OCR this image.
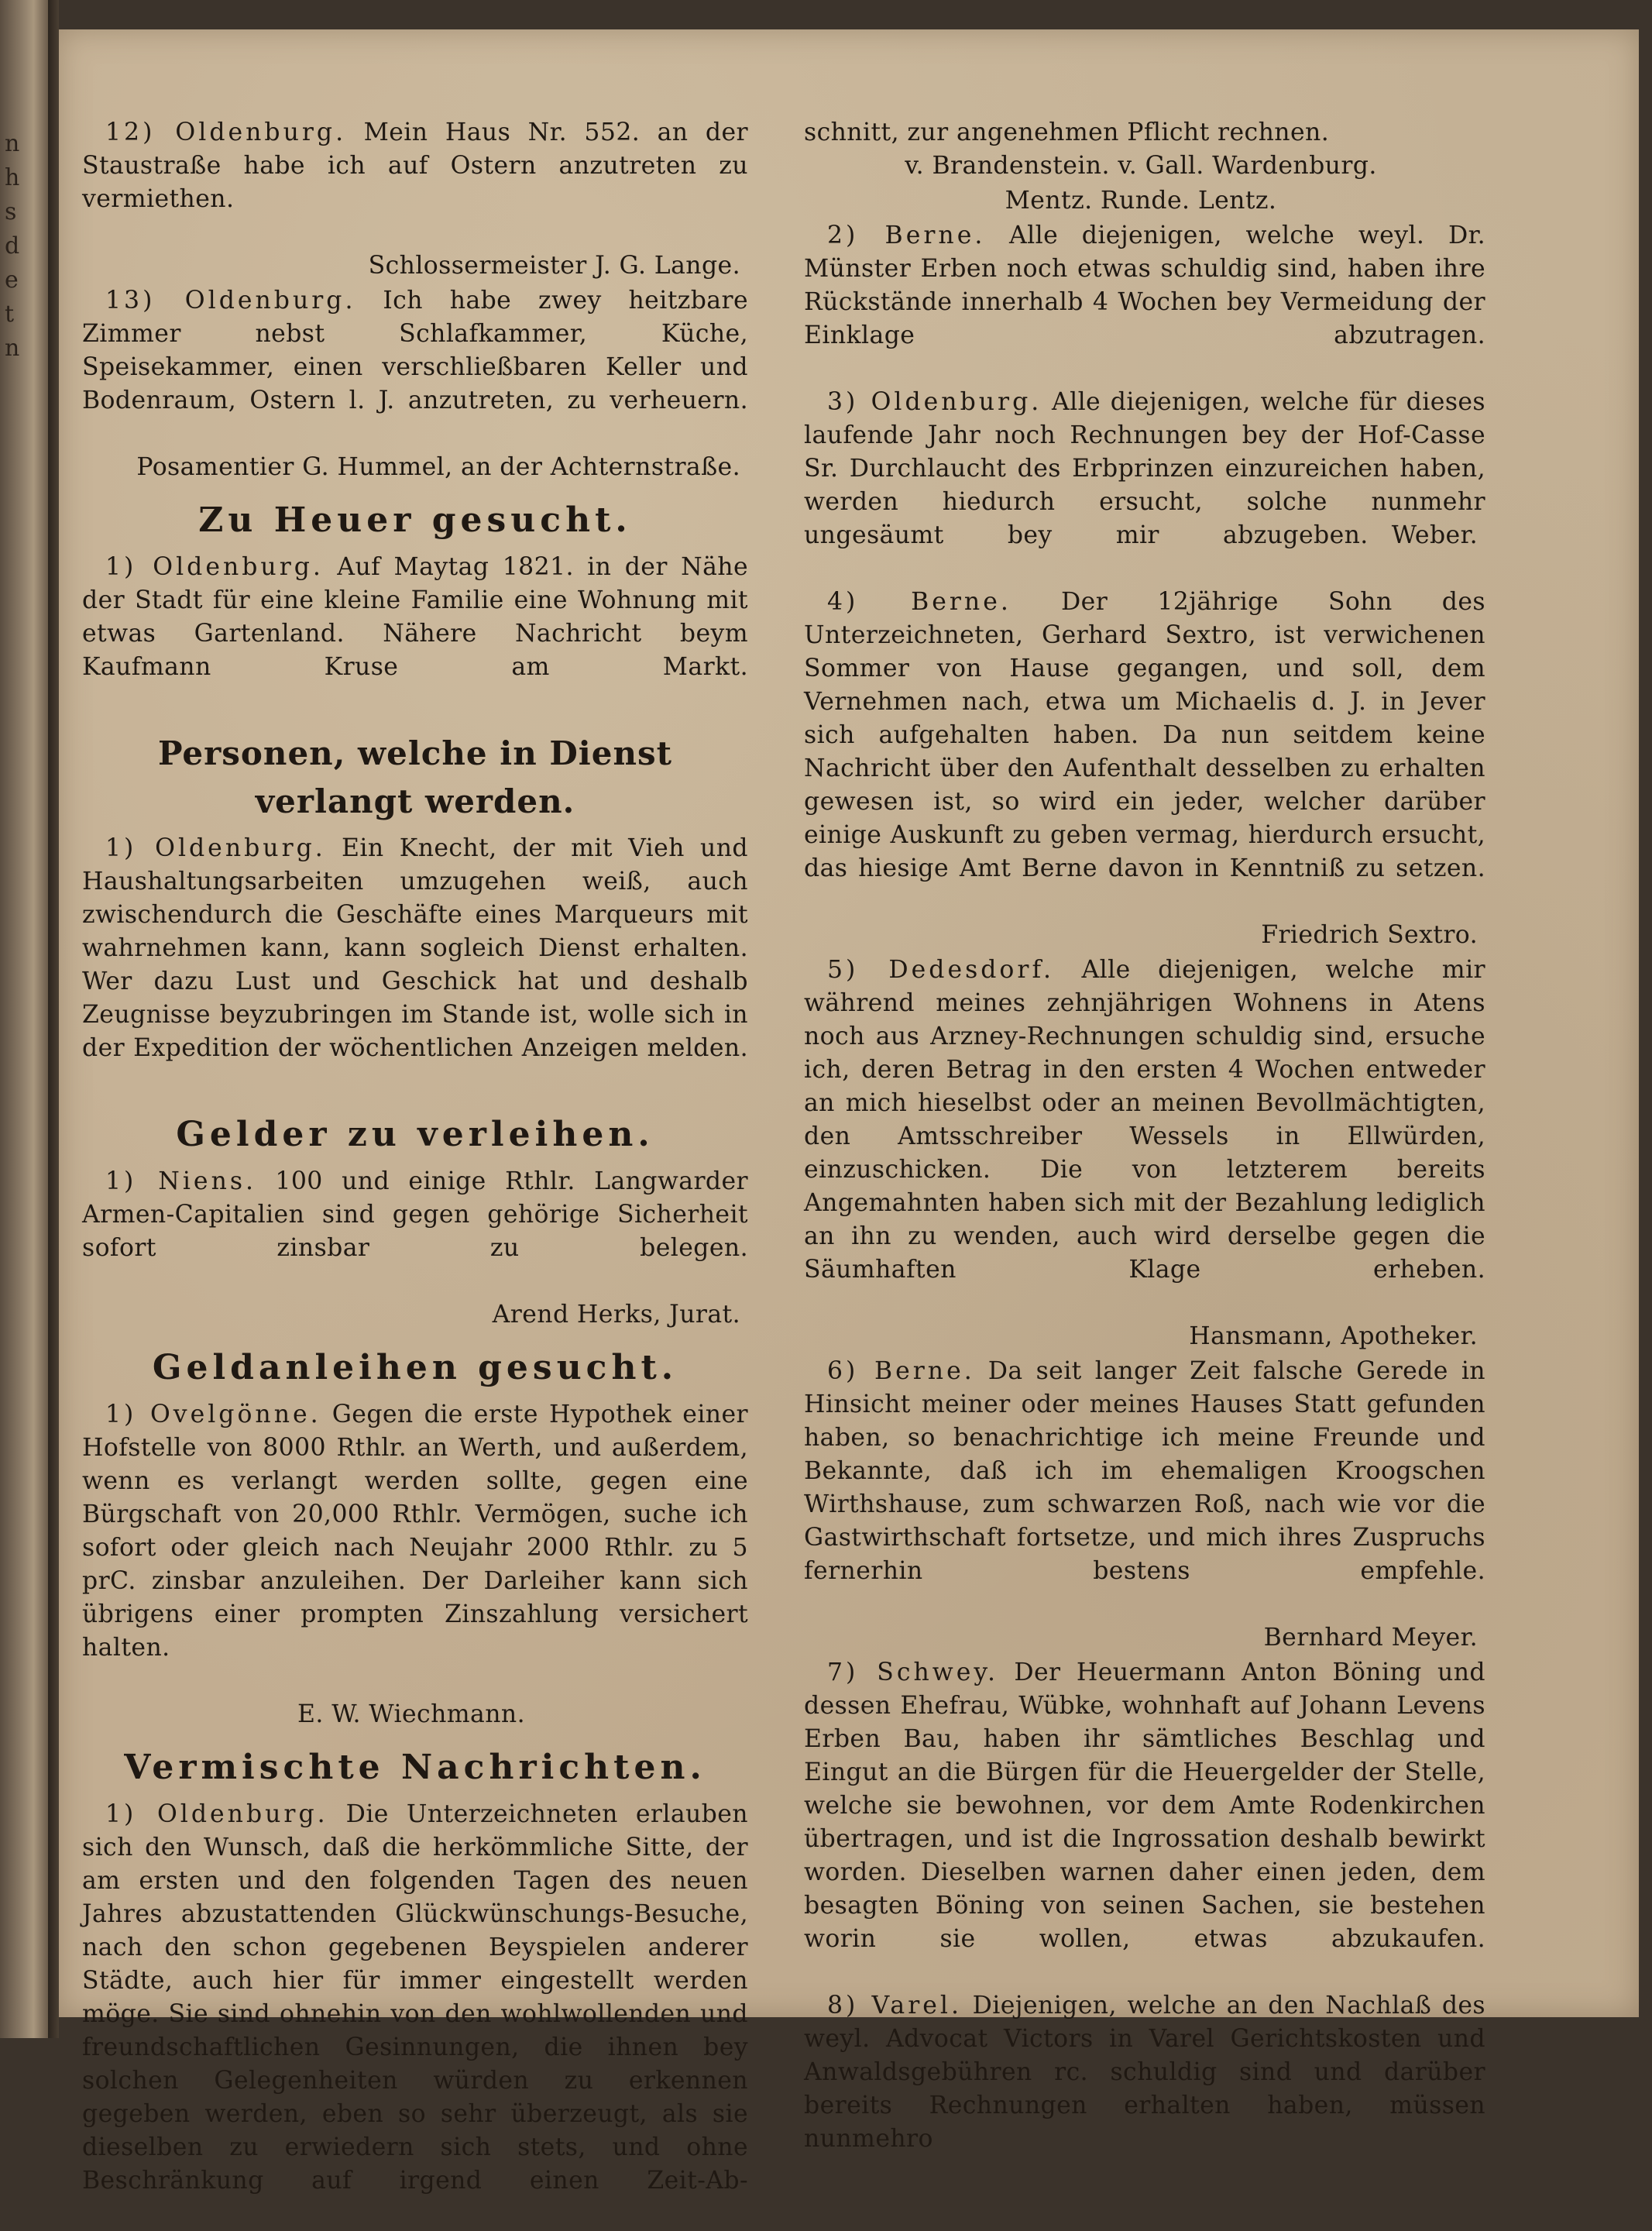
n
h
s
d
e
t
n

12) Oldenburg. Mein Haus Nr. 552. an der Staustraße habe ich auf Ostern anzutreten zu vermiethen.

Schlossermeister J. G. Lange.

13) Oldenburg. Ich habe zwey heitzbare Zimmer nebst Schlafkammer, Küche, Speisekammer, einen verschließbaren Keller und Bodenraum, Ostern l. J. anzutreten, zu verheuern.

Posamentier G. Hummel, an der Achternstraße.
Zu Heuer gesucht.

1) Oldenburg. Auf Maytag 1821. in der Nähe der Stadt für eine kleine Familie eine Wohnung mit etwas Gartenland. Nähere Nachricht beym Kaufmann Kruse am Markt.

Personen, welche in Dienst verlangt werden.

1) Oldenburg. Ein Knecht, der mit Vieh und Haushaltungsarbeiten umzugehen weiß, auch zwischendurch die Geschäfte eines Marqueurs mit wahrnehmen kann, kann sogleich Dienst erhalten. Wer dazu Lust und Geschick hat und deshalb Zeugnisse beyzubringen im Stande ist, wolle sich in der Expedition der wöchentlichen Anzeigen melden.

Gelder zu verleihen.

1) Niens. 100 und einige Rthlr. Langwarder Armen-Capitalien sind gegen gehörige Sicherheit sofort zinsbar zu belegen.

Arend Herks, Jurat.
Geldanleihen gesucht.

1) Ovelgönne. Gegen die erste Hypothek einer Hofstelle von 8000 Rthlr. an Werth, und außerdem, wenn es verlangt werden sollte, gegen eine Bürgschaft von 20,000 Rthlr. Vermögen, suche ich sofort oder gleich nach Neujahr 2000 Rthlr. zu 5 prC. zinsbar anzuleihen. Der Darleiher kann sich übrigens einer prompten Zinszahlung versichert halten.

E. W. Wiechmann.
Vermischte Nachrichten.

1) Oldenburg. Die Unterzeichneten erlauben sich den Wunsch, daß die herkömmliche Sitte, der am ersten und den folgenden Tagen des neuen Jahres abzustattenden Glückwünschungs-Besuche, nach den schon gegebenen Beyspielen anderer Städte, auch hier für immer eingestellt werden möge. Sie sind ohnehin von den wohlwollenden und freundschaftlichen Gesinnungen, die ihnen bey solchen Gelegenheiten würden zu erkennen gegeben werden, eben so sehr überzeugt, als sie dieselben zu erwiedern sich stets, und ohne Beschränkung auf irgend einen Zeit-Ab-

schnitt, zur angenehmen Pflicht rechnen.

v. Brandenstein. v. Gall. Wardenburg.
Mentz. Runde. Lentz.

2) Berne. Alle diejenigen, welche weyl. Dr. Münster Erben noch etwas schuldig sind, haben ihre Rückstände innerhalb 4 Wochen bey Vermeidung der Einklage abzutragen.

3) Oldenburg. Alle diejenigen, welche für dieses laufende Jahr noch Rechnungen bey der Hof-Casse Sr. Durchlaucht des Erbprinzen einzureichen haben, werden hiedurch ersucht, solche nunmehr ungesäumt bey mir abzugeben. Weber.

4) Berne. Der 12jährige Sohn des Unterzeichneten, Gerhard Sextro, ist verwichenen Sommer von Hause gegangen, und soll, dem Vernehmen nach, etwa um Michaelis d. J. in Jever sich aufgehalten haben. Da nun seitdem keine Nachricht über den Aufenthalt desselben zu erhalten gewesen ist, so wird ein jeder, welcher darüber einige Auskunft zu geben vermag, hierdurch ersucht, das hiesige Amt Berne davon in Kenntniß zu setzen.

Friedrich Sextro.

5) Dedesdorf. Alle diejenigen, welche mir während meines zehnjährigen Wohnens in Atens noch aus Arzney-Rechnungen schuldig sind, ersuche ich, deren Betrag in den ersten 4 Wochen entweder an mich hieselbst oder an meinen Bevollmächtigten, den Amtsschreiber Wessels in Ellwürden, einzuschicken. Die von letzterem bereits Angemahnten haben sich mit der Bezahlung lediglich an ihn zu wenden, auch wird derselbe gegen die Säumhaften Klage erheben.

Hansmann, Apotheker.

6) Berne. Da seit langer Zeit falsche Gerede in Hinsicht meiner oder meines Hauses Statt gefunden haben, so benachrichtige ich meine Freunde und Bekannte, daß ich im ehemaligen Kroogschen Wirthshause, zum schwarzen Roß, nach wie vor die Gastwirthschaft fortsetze, und mich ihres Zuspruchs fernerhin bestens empfehle.

Bernhard Meyer.

7) Schwey. Der Heuermann Anton Böning und dessen Ehefrau, Wübke, wohnhaft auf Johann Levens Erben Bau, haben ihr sämtliches Beschlag und Eingut an die Bürgen für die Heuergelder der Stelle, welche sie bewohnen, vor dem Amte Rodenkirchen übertragen, und ist die Ingrossation deshalb bewirkt worden. Dieselben warnen daher einen jeden, dem besagten Böning von seinen Sachen, sie bestehen worin sie wollen, etwas abzukaufen.

8) Varel. Diejenigen, welche an den Nachlaß des weyl. Advocat Victors in Varel Gerichtskosten und Anwaldsgebühren rc. schuldig sind und darüber bereits Rechnungen erhalten haben, müssen nunmehro
